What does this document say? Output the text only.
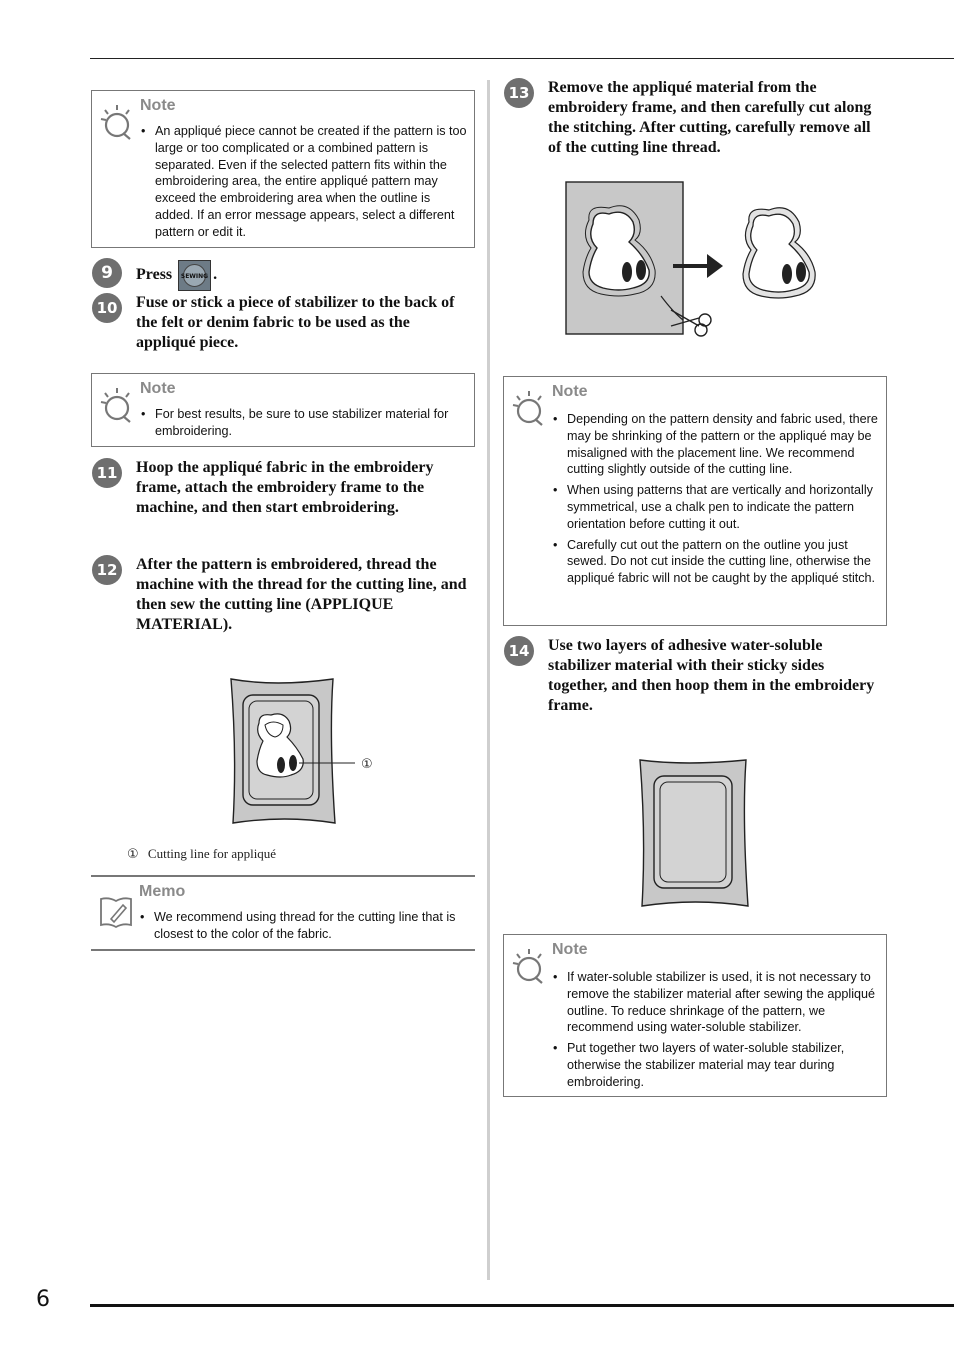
6
Note
• An appliqué piece cannot be created if the pattern is too large or too complicated or a combined pattern is separated. Even if the selected pattern fits within the embroidering area, the entire appliqué pattern may exceed the embroidering area when the outline is added. If an error message appears, select a different pattern or edit it.
9	Press SEWING .
10 Fuse or stick a piece of stabilizer to the back of the felt or denim fabric to be used as the appliqué piece.
Note
• For best results, be sure to use stabilizer material for embroidering.
11 Hoop the appliqué fabric in the embroidery frame, attach the embroidery frame to the machine, and then start embroidering.
12 After the pattern is embroidered, thread the machine with the thread for the cutting line, and then sew the cutting line (APPLIQUE MATERIAL).
①
① Cutting line for appliqué
Memo
• We recommend using thread for the cutting line that is closest to the color of the fabric.
13 Remove the appliqué material from the embroidery frame, and then carefully cut along the stitching. After cutting, carefully remove all of the cutting line thread.
Note
• Depending on the pattern density and fabric used, there may be shrinking of the pattern or the appliqué may be misaligned with the placement line. We recommend cutting slightly outside of the cutting line.
• When using patterns that are vertically and horizontally symmetrical, use a chalk pen to indicate the pattern orientation before cutting it out.
• Carefully cut out the pattern on the outline you just sewed. Do not cut inside the cutting line, otherwise the appliqué fabric will not be caught by the appliqué stitch.
14 Use two layers of adhesive water-soluble stabilizer material with their sticky sides together, and then hoop them in the embroidery frame.
Note
• If water-soluble stabilizer is used, it is not necessary to remove the stabilizer material after sewing the appliqué outline. To reduce shrinkage of the pattern, we recommend using water-soluble stabilizer.
• Put together two layers of water-soluble stabilizer, otherwise the stabilizer material may tear during embroidering.
